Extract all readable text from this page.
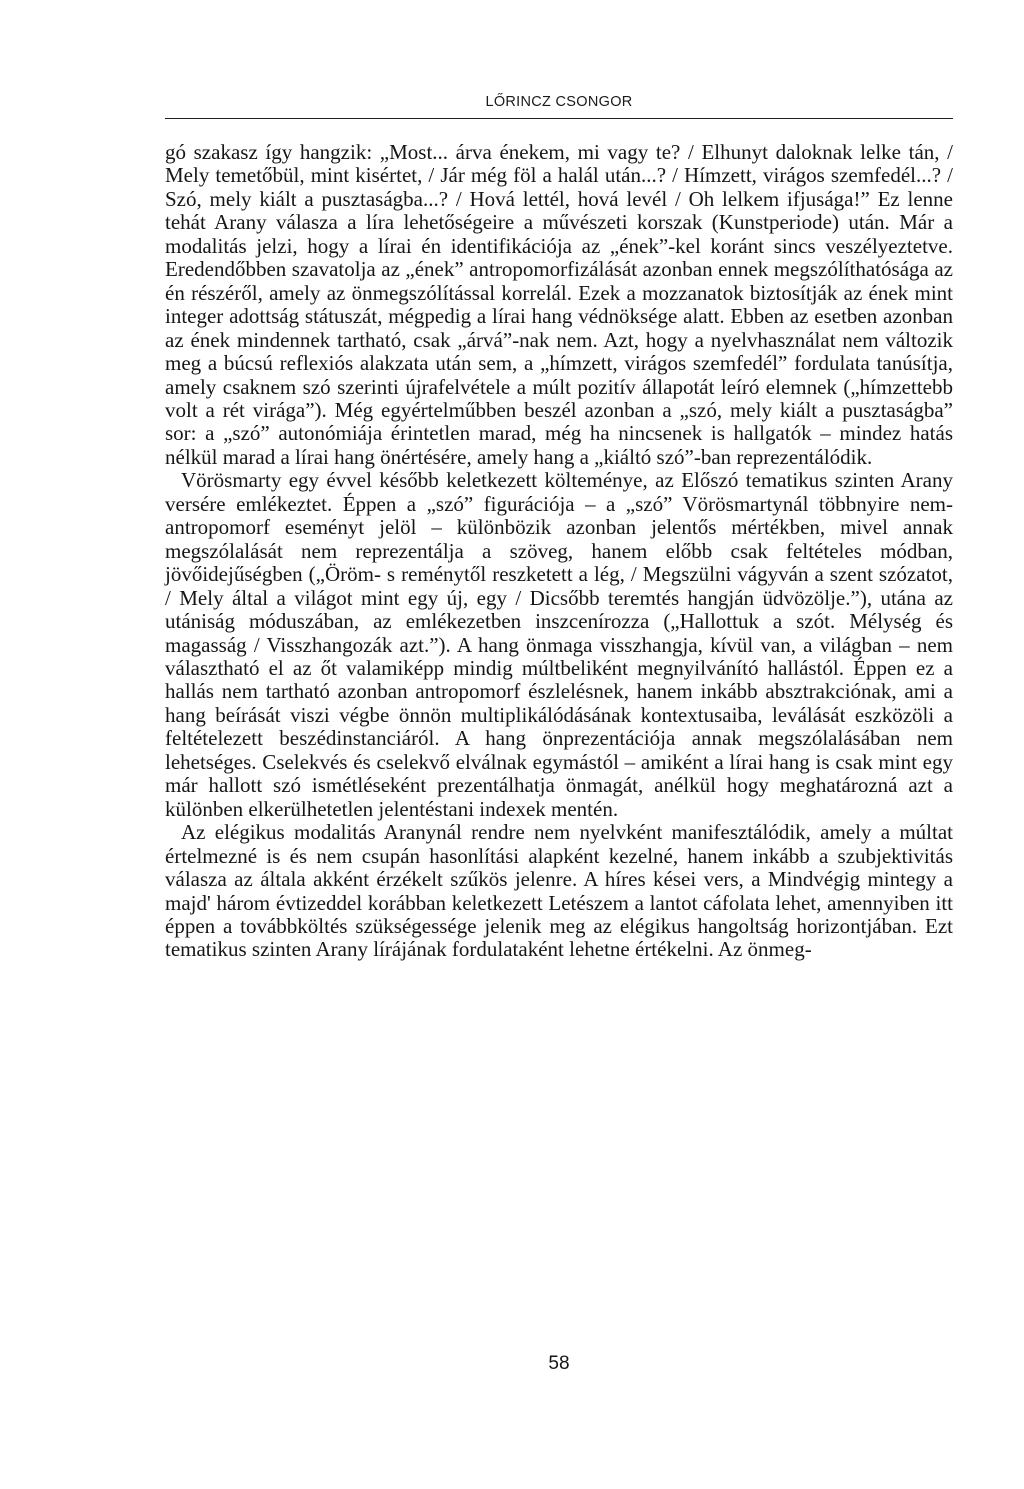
LŐRINCZ CSONGOR

gó szakasz így hangzik: „Most... árva énekem, mi vagy te? / Elhunyt daloknak lelke tán, / Mely temetőbül, mint kisértet, / Jár még föl a halál után...? / Hímzett, virágos szemfedél...? / Szó, mely kiált a pusztaságba...? / Hová lettél, hová levél / Oh lelkem ifjusága!” Ez lenne tehát Arany válasza a líra lehetőségeire a művészeti korszak (Kunstperiode) után. Már a modalitás jelzi, hogy a lírai én identifikációja az „ének”-kel koránt sincs veszélyeztetve. Eredendőbben szavatolja az „ének” antropomorfizálását azonban ennek megszólíthatósága az én részéről, amely az önmegszólítással korrelál. Ezek a mozzanatok biztosítják az ének mint integer adottság státuszát, mégpedig a lírai hang védnöksége alatt. Ebben az esetben azonban az ének mindennek tartható, csak „árvá”-nak nem. Azt, hogy a nyelvhasználat nem változik meg a búcsú reflexiós alakzata után sem, a „hímzett, virágos szemfedél” fordulata tanúsítja, amely csaknem szó szerinti újrafelvétele a múlt pozitív állapotát leíró elemnek („hímzettebb volt a rét virága”). Még egyértelműbben beszél azonban a „szó, mely kiált a pusztaságba” sor: a „szó” autonómiája érintetlen marad, még ha nincsenek is hallgatók – mindez hatás nélkül marad a lírai hang önértésére, amely hang a „kiáltó szó”-ban reprezentálódik.

Vörösmarty egy évvel később keletkezett költeménye, az Előszó tematikus szinten Arany versére emlékeztet. Éppen a „szó” figurációja – a „szó” Vörösmartynál többnyire nem-antropomorf eseményt jelöl – különbözik azonban jelentős mértékben, mivel annak megszólalását nem reprezentálja a szöveg, hanem előbb csak feltételes módban, jövőidejűségben („Öröm- s reménytől reszketett a lég, / Megszülni vágyván a szent szózatot, / Mely által a világot mint egy új, egy / Dicsőbb teremtés hangján üdvözölje.”), utána az utániság móduszában, az emlékezetben inszcenírozza („Hallottuk a szót. Mélység és magasság / Visszhangozák azt.”). A hang önmaga visszhangja, kívül van, a világban – nem választható el az őt valamiképp mindig múltbeliként megnyilvánító hallástól. Éppen ez a hallás nem tartható azonban antropomorf észlelésnek, hanem inkább absztrakciónak, ami a hang beírását viszi végbe önnön multiplikálódásának kontextusaiba, leválását eszközöli a feltételezett beszédinstanciáról. A hang önprezentációja annak megszólalásában nem lehetséges. Cselekvés és cselekvő elválnak egymástól – amiként a lírai hang is csak mint egy már hallott szó ismétléseként prezentálhatja önmagát, anélkül hogy meghatározná azt a különben elkerülhetetlen jelentéstani indexek mentén.

Az elégikus modalitás Aranynál rendre nem nyelvként manifesztálódik, amely a múltat értelmezné is és nem csupán hasonlítási alapként kezelné, hanem inkább a szubjektivitás válasza az általa akként érzékelt szűkös jelenre. A híres kései vers, a Mindvégig mintegy a majd' három évtizeddel korábban keletkezett Letészem a lantot cáfolata lehet, amennyiben itt éppen a továbbköltés szükségessége jelenik meg az elégikus hangoltság horizontjában. Ezt tematikus szinten Arany lírájának fordulataként lehetne értékelni. Az önmeg-

58
